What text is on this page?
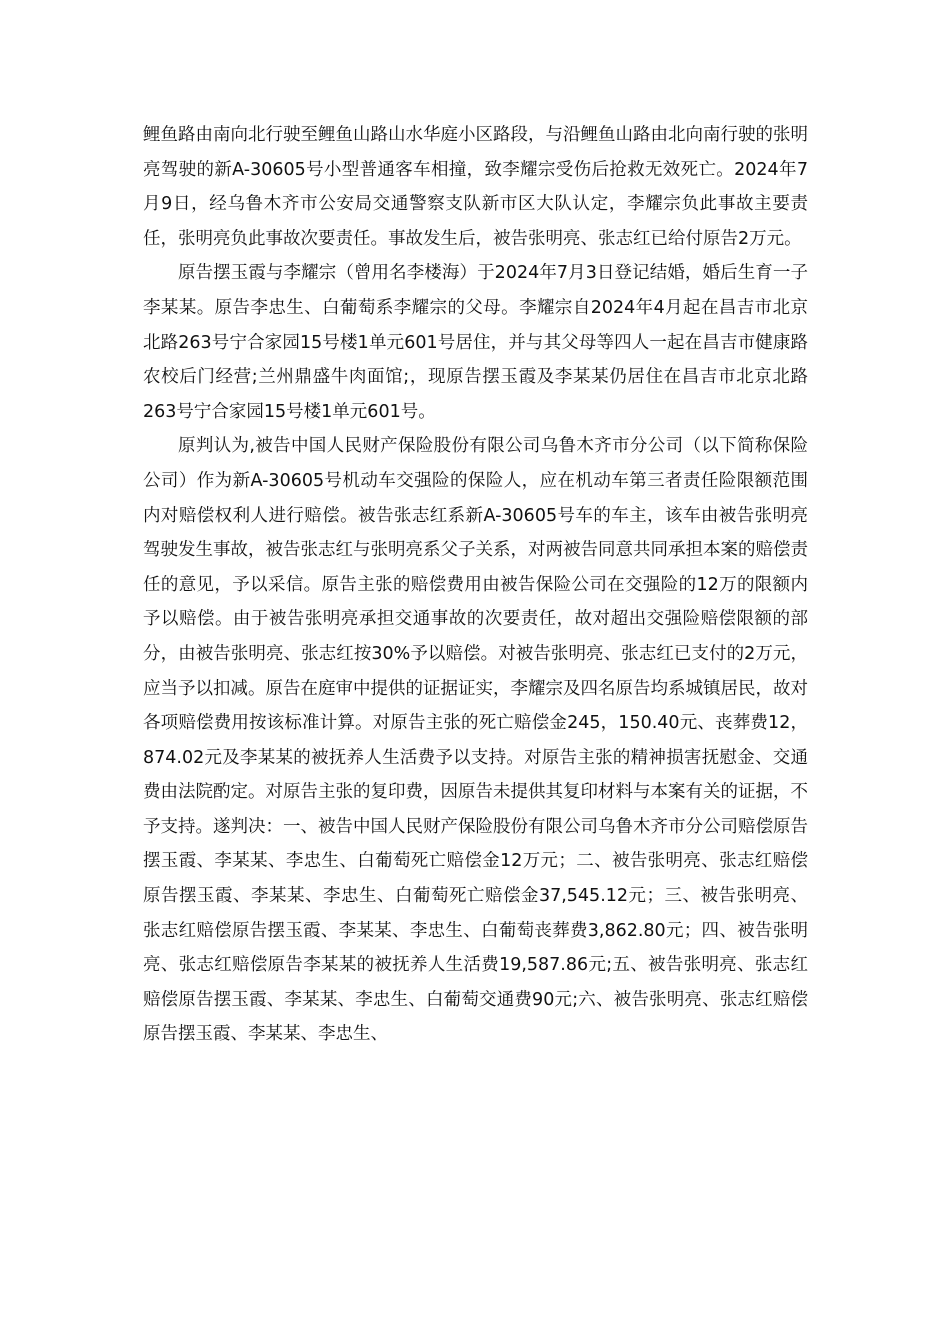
鲤鱼路由南向北行驶至鲤鱼山路山水华庭小区路段，与沿鲤鱼山路由北向南行驶的张明亮驾驶的新A-30605号小型普通客车相撞，致李耀宗受伤后抢救无效死亡。2024年7月9日，经乌鲁木齐市公安局交通警察支队新市区大队认定，李耀宗负此事故主要责任，张明亮负此事故次要责任。事故发生后，被告张明亮、张志红已给付原告2万元。

原告摆玉霞与李耀宗（曾用名李楼海）于2024年7月3日登记结婚，婚后生育一子李某某。原告李忠生、白葡萄系李耀宗的父母。李耀宗自2024年4月起在昌吉市北京北路263号宁合家园15号楼1单元601号居住，并与其父母等四人一起在昌吉市健康路农校后门经营;兰州鼎盛牛肉面馆;，现原告摆玉霞及李某某仍居住在昌吉市北京北路263号宁合家园15号楼1单元601号。

原判认为,被告中国人民财产保险股份有限公司乌鲁木齐市分公司（以下简称保险公司）作为新A-30605号机动车交强险的保险人，应在机动车第三者责任险限额范围内对赔偿权利人进行赔偿。被告张志红系新A-30605号车的车主，该车由被告张明亮驾驶发生事故，被告张志红与张明亮系父子关系，对两被告同意共同承担本案的赔偿责任的意见，予以采信。原告主张的赔偿费用由被告保险公司在交强险的12万的限额内予以赔偿。由于被告张明亮承担交通事故的次要责任，故对超出交强险赔偿限额的部分，由被告张明亮、张志红按30%予以赔偿。对被告张明亮、张志红已支付的2万元，应当予以扣减。原告在庭审中提供的证据证实，李耀宗及四名原告均系城镇居民，故对各项赔偿费用按该标准计算。对原告主张的死亡赔偿金245，150.40元、丧葬费12，874.02元及李某某的被抚养人生活费予以支持。对原告主张的精神损害抚慰金、交通费由法院酌定。对原告主张的复印费，因原告未提供其复印材料与本案有关的证据，不予支持。遂判决：一、被告中国人民财产保险股份有限公司乌鲁木齐市分公司赔偿原告摆玉霞、李某某、李忠生、白葡萄死亡赔偿金12万元；二、被告张明亮、张志红赔偿原告摆玉霞、李某某、李忠生、白葡萄死亡赔偿金37,545.12元；三、被告张明亮、张志红赔偿原告摆玉霞、李某某、李忠生、白葡萄丧葬费3,862.80元；四、被告张明亮、张志红赔偿原告李某某的被抚养人生活费19,587.86元;五、被告张明亮、张志红赔偿原告摆玉霞、李某某、李忠生、白葡萄交通费90元;六、被告张明亮、张志红赔偿原告摆玉霞、李某某、李忠生、
